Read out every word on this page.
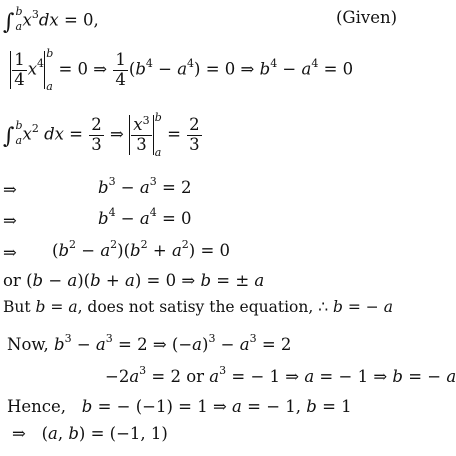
∫ b
a $x^3dx = 0$,	(Given)
$\frac{1}{4} x^4$
b
a
= 0 ⇒ $\frac{1}{4} (b^4 - a^4) = 0$ ⇒ $b^4 - a^4 = 0$
∫ b
a $x^2$ dx = $\frac{2}{3}$ ⇒ $\frac{x^3}{3}$ b
a
= $\frac{2}{3}$
⇒	$b^3 - a^3 = 2$
⇒	$b^4 - a^4 = 0$
⇒ $(b^2 - a^2)(b^2 + a^2) = 0$
or (b − a)(b + a) = 0 ⇒ b = ± a
But b = a, does not satisy the equation, ∴ b = − a
Now, $b^3 - a^3 = 2$ ⇒ $(-a)^3 - a^3 = 2$
$-2a^3 = 2$ or $a^3$ = − 1 ⇒ a = − 1 ⇒ b = − a
Hence,   b = − (−1) = 1 ⇒ a = − 1, b = 1
⇒   (a, b) = (−1, 1)
